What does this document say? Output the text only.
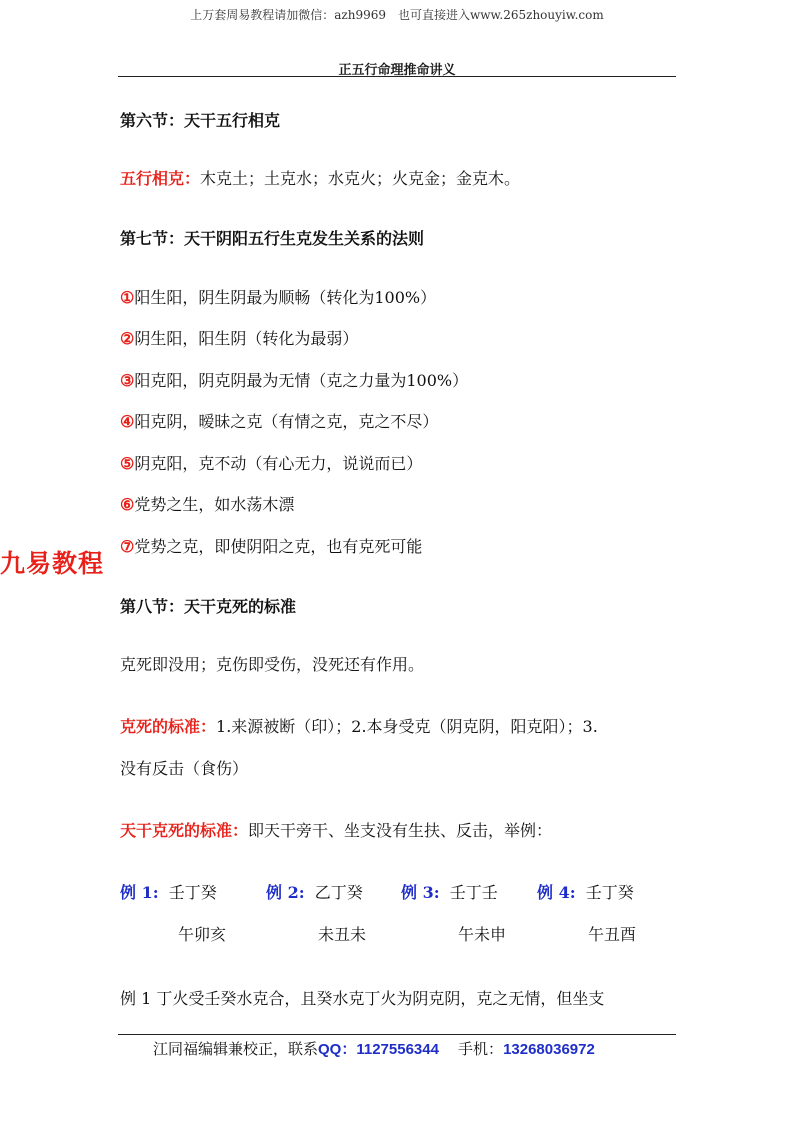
上万套周易教程请加微信：azh9969　也可直接进入www.265zhouyiw.com
正五行命理推命讲义
第六节：天干五行相克
五行相克：木克土；土克水；水克火；火克金；金克木。
第七节：天干阴阳五行生克发生关系的法则
①阳生阳，阴生阴最为顺畅（转化为100%）
②阴生阳，阳生阴（转化为最弱）
③阳克阳，阴克阴最为无情（克之力量为100%）
④阳克阴，暧昧之克（有情之克，克之不尽）
⑤阴克阳，克不动（有心无力，说说而已）
⑥党势之生，如水荡木漂
⑦党势之克，即使阴阳之克，也有克死可能
九易教程
第八节：天干克死的标准
克死即没用；克伤即受伤，没死还有作用。
克死的标准：1.来源被断（印）；2.本身受克（阴克阴，阳克阳）；3.
没有反击（食伤）
天干克死的标准：即天干旁干、坐支没有生扶、反击，举例：
例 1: 壬丁癸	例 2: 乙丁癸 例 3: 壬丁壬 例 4: 壬丁癸
午卯亥	未丑未	午未申	午丑酉
例 1 丁火受壬癸水克合，且癸水克丁火为阴克阴，克之无情，但坐支
江同福编辑兼校正，联系QQ：1127556344 手机：13268036972
